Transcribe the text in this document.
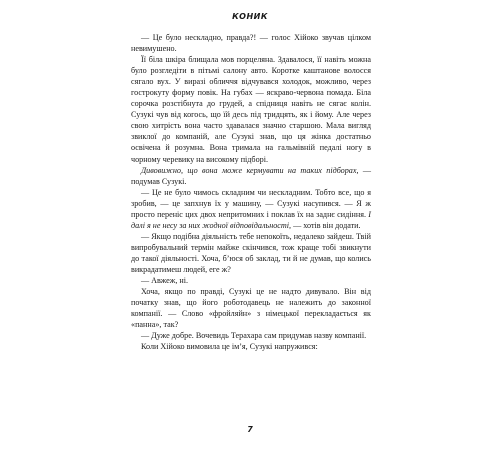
КОНИК

— Це було нескладно, правда?! — голос Хійоко звучав цілком невимушено.

Її біла шкіра блищала мов порцеляна. Здавалося, її навіть можна було розгледіти в пітьмі салону авто. Коротке каштанове волосся сягало вух. У виразі обличчя відчувався холодок, можливо, через гострокуту форму повік. На губах — яскраво-червона помада. Біла сорочка розстібнута до грудей, а спідниця навіть не сягає колін. Сузукі чув від когось, що їй десь під тридцять, як і йому. Але через свою хитрість вона часто здавалася значно старшою. Мала вигляд звиклої до компаній, але Сузукі знав, що ця жінка достатньо освічена й розумна. Вона тримала на гальмівній педалі ногу в чорному черевику на високому підборі.

Дивовижно, що вона може кермувати на таких підборах, — подумав Сузукі.

— Це не було чимось складним чи нескладним. Тобто все, що я зробив, — це запхнув їх у машину, — Сузукі насупився. — Я ж просто переніс цих двох непритомних і поклав їх на заднє сидіння. І далі я не несу за них жодної відповідальності, — хотів він додати.

— Якщо подібна діяльність тебе непокоїть, недалеко зайдеш. Твій випробувальний термін майже скінчився, тож краще тобі звикнути до такої діяльності. Хоча, б’юся об заклад, ти й не думав, що колись викрадатимеш людей, еге ж?

— Авжеж, ні.

Хоча, якщо по правді, Сузукі це не надто дивувало. Він від початку знав, що його роботодавець не належить до законної компанії. — Слово «фройляйн» з німецької перекладається як «панна», так?

— Дуже добре. Вочевидь Терахара сам придумав назву компанії.

Коли Хійоко вимовила це ім’я, Сузукі напружився:

7
